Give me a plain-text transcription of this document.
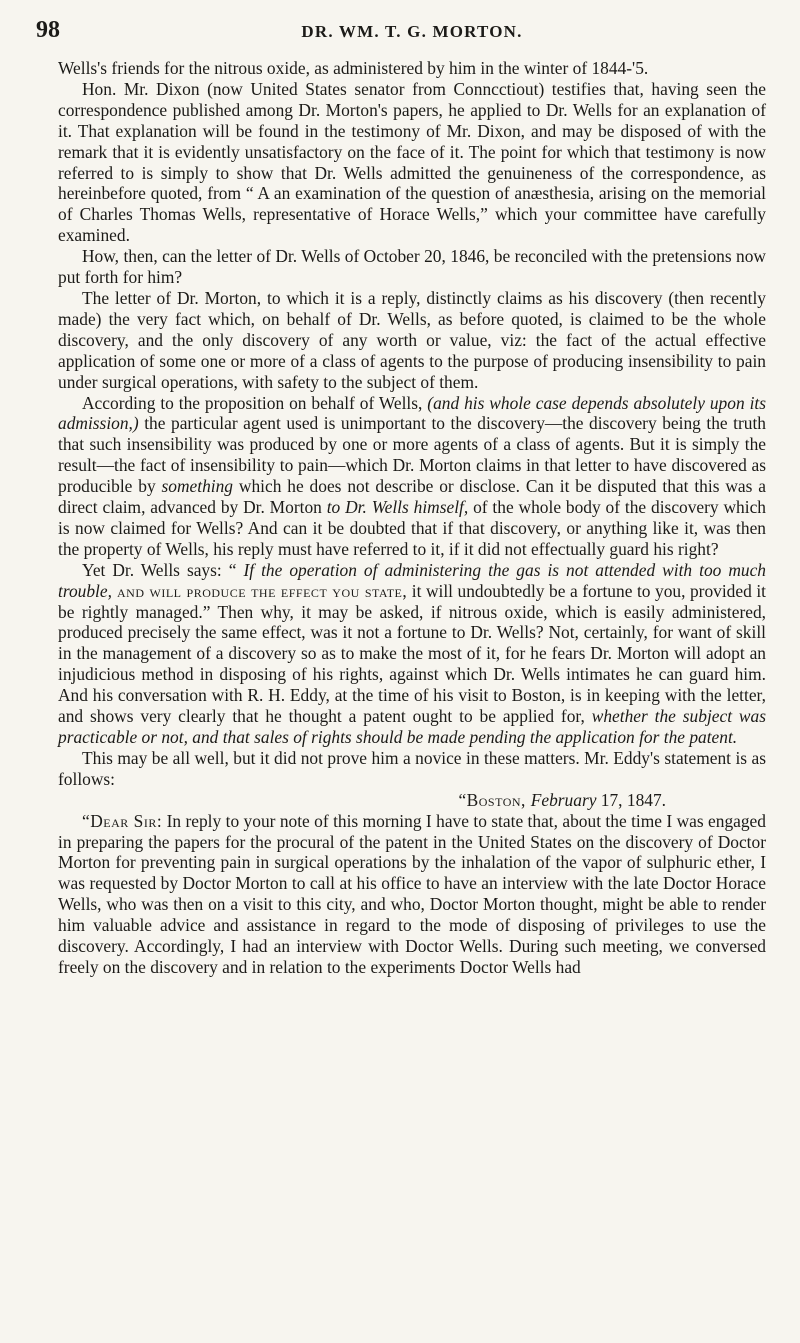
98	DR. WM. T. G. MORTON.

Wells's friends for the nitrous oxide, as administered by him in the winter of 1844-'5.

Hon. Mr. Dixon (now United States senator from Conncctiout) testifies that, having seen the correspondence published among Dr. Morton's papers, he applied to Dr. Wells for an explanation of it. That explanation will be found in the testimony of Mr. Dixon, and may be disposed of with the remark that it is evidently unsatisfactory on the face of it. The point for which that testimony is now referred to is simply to show that Dr. Wells admitted the genuineness of the correspondence, as hereinbefore quoted, from “ A an examination of the question of anæsthesia, arising on the memorial of Charles Thomas Wells, representative of Horace Wells,” which your committee have carefully examined.

How, then, can the letter of Dr. Wells of October 20, 1846, be reconciled with the pretensions now put forth for him?

The letter of Dr. Morton, to which it is a reply, distinctly claims as his discovery (then recently made) the very fact which, on behalf of Dr. Wells, as before quoted, is claimed to be the whole discovery, and the only discovery of any worth or value, viz: the fact of the actual effective application of some one or more of a class of agents to the purpose of producing insensibility to pain under surgical operations, with safety to the subject of them.

According to the proposition on behalf of Wells, (and his whole case depends absolutely upon its admission,) the particular agent used is unimportant to the discovery—the discovery being the truth that such insensibility was produced by one or more agents of a class of agents. But it is simply the result—the fact of insensibility to pain—which Dr. Morton claims in that letter to have discovered as producible by something which he does not describe or disclose. Can it be disputed that this was a direct claim, advanced by Dr. Morton to Dr. Wells himself, of the whole body of the discovery which is now claimed for Wells? And can it be doubted that if that discovery, or anything like it, was then the property of Wells, his reply must have referred to it, if it did not effectually guard his right?

Yet Dr. Wells says: “ If the operation of administering the gas is not attended with too much trouble, and will produce the effect you state, it will undoubtedly be a fortune to you, provided it be rightly managed.” Then why, it may be asked, if nitrous oxide, which is easily administered, produced precisely the same effect, was it not a fortune to Dr. Wells? Not, certainly, for want of skill in the management of a discovery so as to make the most of it, for he fears Dr. Morton will adopt an injudicious method in disposing of his rights, against which Dr. Wells intimates he can guard him. And his conversation with R. H. Eddy, at the time of his visit to Boston, is in keeping with the letter, and shows very clearly that he thought a patent ought to be applied for, whether the subject was practicable or not, and that sales of rights should be made pending the application for the patent.

This may be all well, but it did not prove him a novice in these matters. Mr. Eddy's statement is as follows:

“Boston, February 17, 1847.

“Dear Sir: In reply to your note of this morning I have to state that, about the time I was engaged in preparing the papers for the procural of the patent in the United States on the discovery of Doctor Morton for preventing pain in surgical operations by the inhalation of the vapor of sulphuric ether, I was requested by Doctor Morton to call at his office to have an interview with the late Doctor Horace Wells, who was then on a visit to this city, and who, Doctor Morton thought, might be able to render him valuable advice and assistance in regard to the mode of disposing of privileges to use the discovery. Accordingly, I had an interview with Doctor Wells. During such meeting, we conversed freely on the discovery and in relation to the experiments Doctor Wells had
